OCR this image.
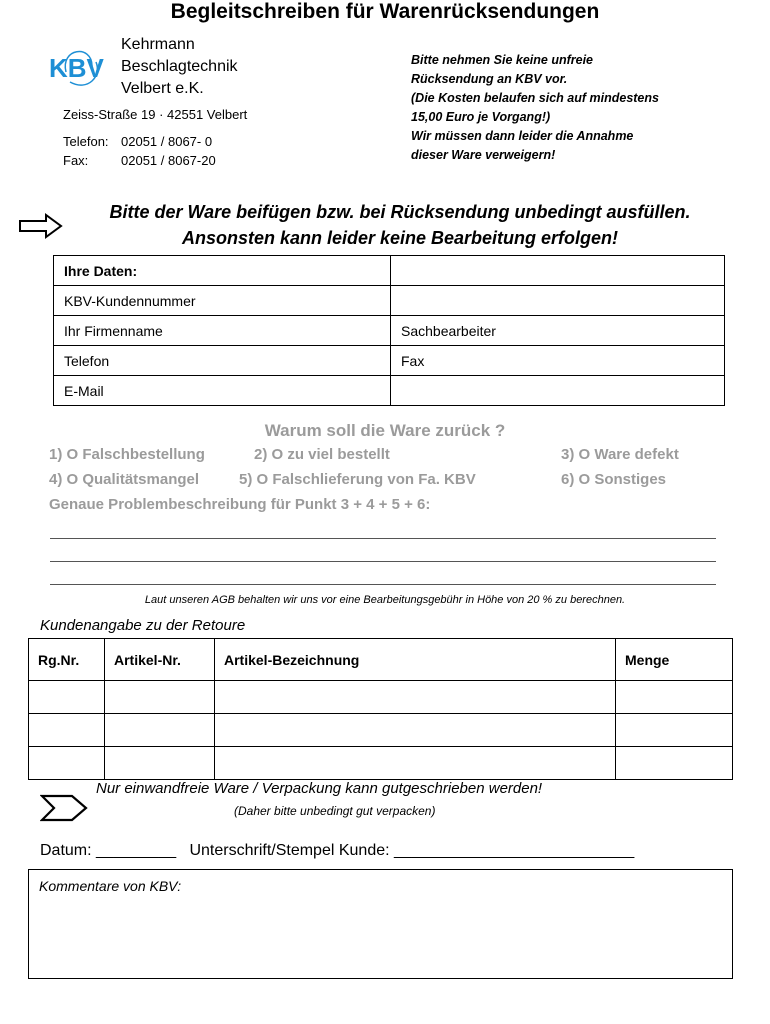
Begleitschreiben für Warenrücksendungen
KBV
Kehrmann
Beschlagtechnik
Velbert e.K.
Zeiss-Straße 19 · 42551 Velbert
Telefon: 02051 / 8067- 0
Fax:	02051 / 8067-20
Bitte nehmen Sie keine unfreie
Rücksendung an KBV vor.
(Die Kosten belaufen sich auf mindestens
15,00 Euro je Vorgang!)
Wir müssen dann leider die Annahme
dieser Ware verweigern!
Bitte der Ware beifügen bzw. bei Rücksendung unbedingt ausfüllen.
Ansonsten kann leider keine Bearbeitung erfolgen!
Ihre Daten:	
KBV-Kundennummer	
Ihr Firmenname	Sachbearbeiter
Telefon	Fax
E-Mail	
Warum soll die Ware zurück ?
1) O Falschbestellung	2) O zu viel bestellt	3) O Ware defekt
4) O Qualitätsmangel	5) O Falschlieferung von Fa. KBV	6) O Sonstiges
Genaue Problembeschreibung für Punkt 3 + 4 + 5 + 6:
Laut unseren AGB behalten wir uns vor eine Bearbeitungsgebühr in Höhe von 20 % zu berechnen.
Kundenangabe zu der Retoure
Rg.Nr.	Artikel-Nr.	Artikel-Bezeichnung	Menge

Nur einwandfreie Ware / Verpackung kann gutgeschrieben werden!
(Daher bitte unbedingt gut verpacken)
Datum: _________ Unterschrift/Stempel Kunde: ___________________________
Kommentare von KBV:
